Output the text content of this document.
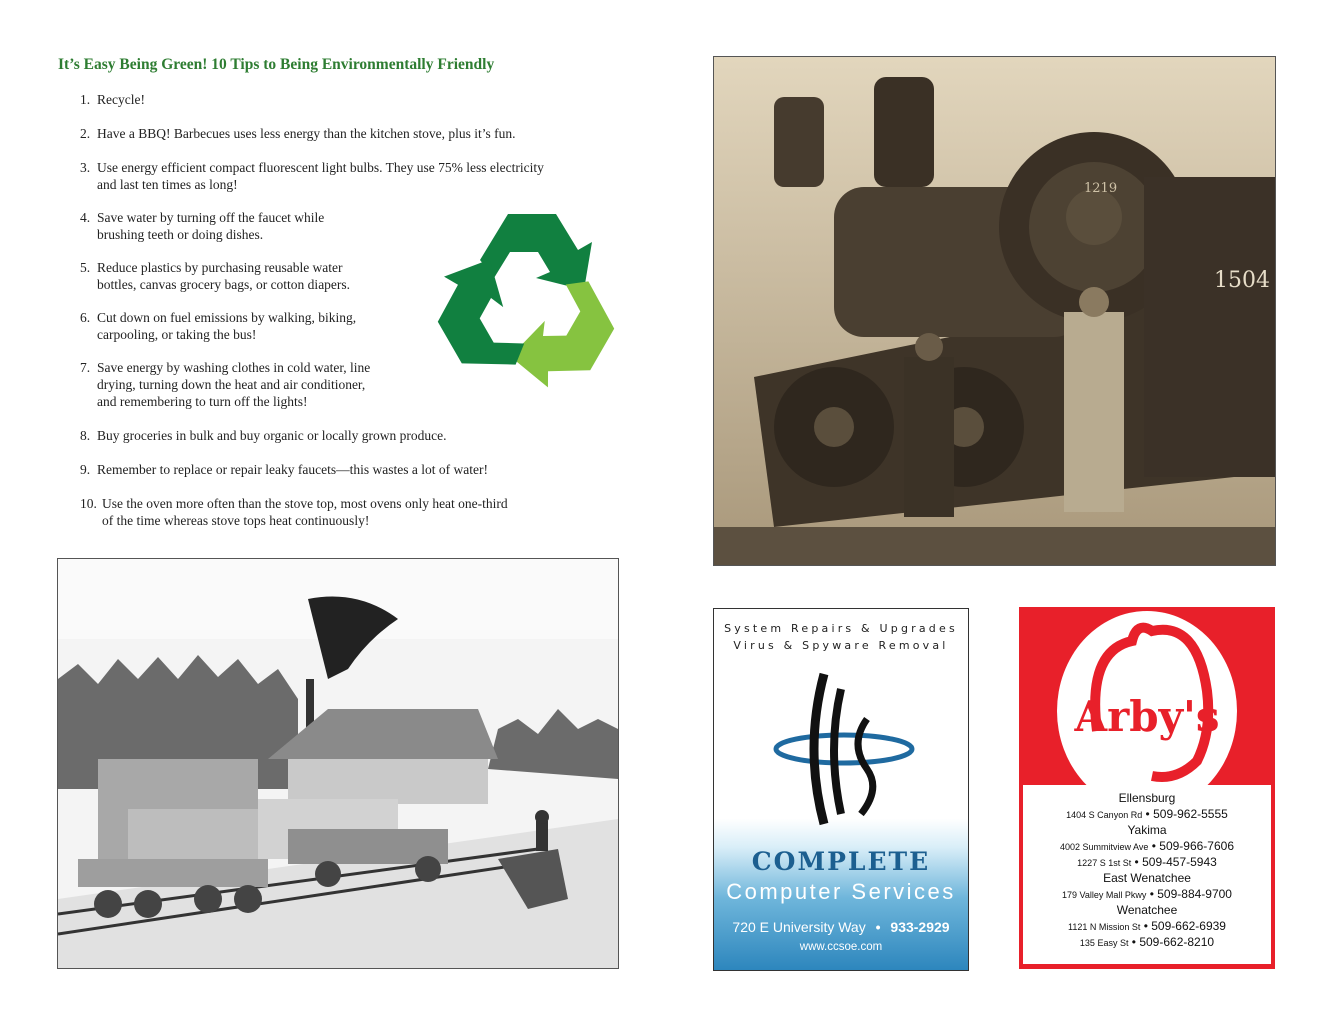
It’s Easy Being Green! 10 Tips to Being Environmentally Friendly
1. Recycle!
2. Have a BBQ! Barbecues uses less energy than the kitchen stove, plus it’s fun.
3. Use energy efficient compact fluorescent light bulbs. They use 75% less electricity
and last ten times as long!
4. Save water by turning off the faucet while
brushing teeth or doing dishes.
5. Reduce plastics by purchasing reusable water
bottles, canvas grocery bags, or cotton diapers.
6. Cut down on fuel emissions by walking, biking,
carpooling, or taking the bus!
7. Save energy by washing clothes in cold water, line
drying, turning down the heat and air conditioner,
and remembering to turn off the lights!
8. Buy groceries in bulk and buy organic or locally grown produce.
9. Remember to replace or repair leaky faucets—this wastes a lot of water!
10. Use the oven more often than the stove top, most ovens only heat one-third
of the time whereas stove tops heat continuously!
1219
1504
System Repairs & Upgrades
Virus & Spyware Removal
CCS
COMPLETE
Computer Services
720 E University Way • 933-2929
www.ccsoe.com
Arby's
Ellensburg
1404 S Canyon Rd • 509-962-5555
Yakima
4002 Summitview Ave • 509-966-7606
1227 S 1st St • 509-457-5943
East Wenatchee
179 Valley Mall Pkwy • 509-884-9700
Wenatchee
1121 N Mission St • 509-662-6939
135 Easy St • 509-662-8210
